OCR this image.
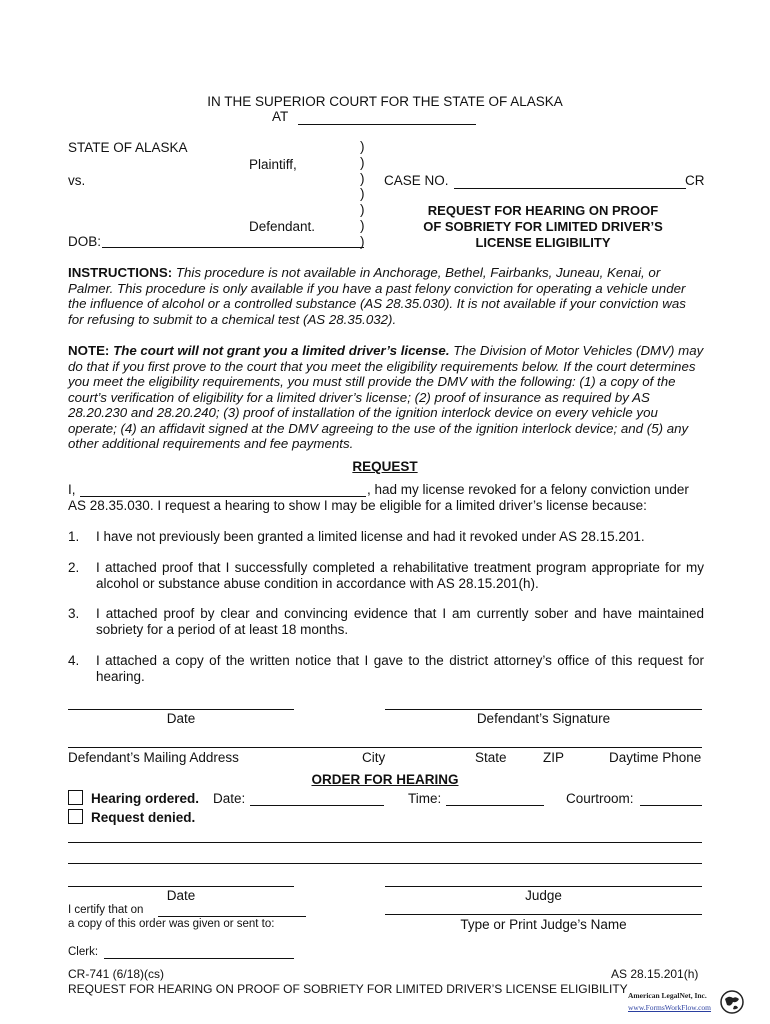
IN THE SUPERIOR COURT FOR THE STATE OF ALASKA
AT
STATE OF ALASKA
Plaintiff,
vs.
Defendant.
DOB:
)
)
)
)
)
)
)
CASE NO.	CR
REQUEST FOR HEARING ON PROOF
OF SOBRIETY FOR LIMITED DRIVER’S
LICENSE ELIGIBILITY
INSTRUCTIONS: This procedure is not available in Anchorage, Bethel, Fairbanks, Juneau, Kenai, or Palmer. This procedure is only available if you have a past felony conviction for operating a vehicle under the influence of alcohol or a controlled substance (AS 28.35.030). It is not available if your conviction was for refusing to submit to a chemical test (AS 28.35.032).
NOTE: The court will not grant you a limited driver’s license. The Division of Motor Vehicles (DMV) may do that if you first prove to the court that you meet the eligibility requirements below. If the court determines you meet the eligibility requirements, you must still provide the DMV with the following: (1) a copy of the court’s verification of eligibility for a limited driver’s license; (2) proof of insurance as required by AS 28.20.230 and 28.20.240; (3) proof of installation of the ignition interlock device on every vehicle you operate; (4) an affidavit signed at the DMV agreeing to the use of the ignition interlock device; and (5) any other additional requirements and fee payments.
REQUEST
I,	, had my license revoked for a felony conviction under
AS 28.35.030. I request a hearing to show I may be eligible for a limited driver’s license because:
1. I have not previously been granted a limited license and had it revoked under AS 28.15.201.
2. I attached proof that I successfully completed a rehabilitative treatment program appropriate for my alcohol or substance abuse condition in accordance with AS 28.15.201(h).
3. I attached proof by clear and convincing evidence that I am currently sober and have maintained sobriety for a period of at least 18 months.
4. I attached a copy of the written notice that I gave to the district attorney’s office of this request for hearing.
Date	Defendant’s Signature
Defendant’s Mailing Address	City	State	ZIP	Daytime Phone
ORDER FOR HEARING
Hearing ordered. Date:	Time:	Courtroom:
Request denied.
Date	Judge
I certify that on
a copy of this order was given or sent to:	Type or Print Judge’s Name
Clerk:
CR-741 (6/18)(cs)	AS 28.15.201(h)
REQUEST FOR HEARING ON PROOF OF SOBRIETY FOR LIMITED DRIVER’S LICENSE ELIGIBILITY American LegalNet, Inc.
www.FormsWorkFlow.com
